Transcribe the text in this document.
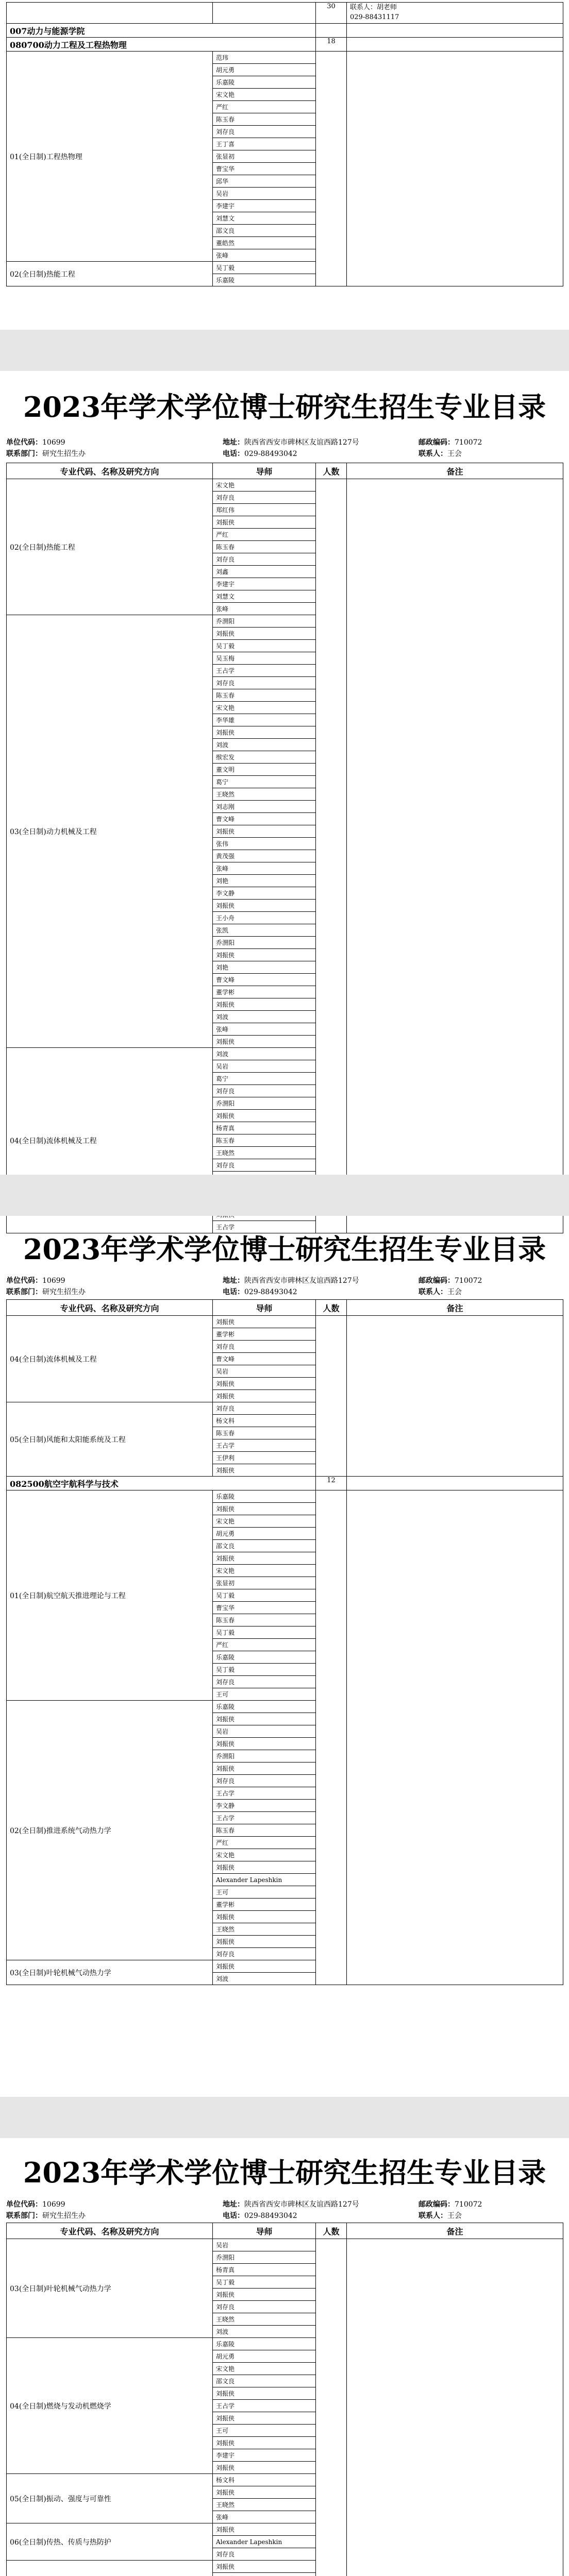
		30	联系人：胡老师
029-88431117

007动力与能源学院			
080700动力工程及工程热物理		18	
01(全日制)工程热物理	范玮		
	胡元勇		
	乐嘉陵		
	宋文艳		
	严红		
	陈玉春		
	刘存良		
	王丁喜		
	张显初		
	曹宝华		
	邱华		
	吴岩		
	李建宇		
	刘慧文		
	邵文良		
	董皓然		
	张峰		
02(全日制)热能工程	吴丁毅		
	乐嘉陵		
2023年学术学位博士研究生招生专业目录
单位代码：10699	地址：陕西省西安市碑林区友谊西路127号	邮政编码：710072
联系部门：研究生招生办	电话：029-88493042	联系人：王会
专业代码、名称及研究方向	导师	人数	备注
02(全日制)热能工程	宋文艳		
	刘存良		
	郑红伟		
	刘振侠		
	严红		
	陈玉春		
	刘存良		
	刘鑫		
	李建宇		
	刘慧文		
	张峰		
03(全日制)动力机械及工程	乔渭阳		
	刘振侠		
	吴丁毅		
	吴玉梅		
	王占学		
	刘存良		
	陈玉春		
	宋文艳		
	李华雄		
	刘振侠		
	刘波		
	缑宏发		
	董文明		
	葛宁		
	王晓然		
	刘志刚		
	曹文峰		
	刘振侠		
	张伟		
	黄茂强		
	张峰		
	刘艳		
	李文静		
	刘振侠		
	王小舟		
	张凯		
	乔渭阳		
	刘振侠		
	刘艳		
	曹文峰		
	董学彬		
	刘振侠		
	刘波		
	张峰		
	刘振侠		
04(全日制)流体机械及工程	刘波		
	吴岩		
	葛宁		
	刘存良		
	乔渭阳		
	刘振侠		
	杨青真		
	陈玉春		
	王晓然		
	刘存良		

	王占学		
2023年学术学位博士研究生招生专业目录
单位代码：10699	地址：陕西省西安市碑林区友谊西路127号	邮政编码：710072
联系部门：研究生招生办	电话：029-88493042	联系人：王会
专业代码、名称及研究方向	导师	人数	备注
04(全日制)流体机械及工程	刘振侠		
	董学彬		
	刘存良		
	曹文峰		
	吴岩		
	刘振侠		
	刘振侠		
05(全日制)风能和太阳能系统及工程	刘存良		
	杨文科		
	陈玉春		
	王占学		
	王伊利		
	刘振侠		
082500航空宇航科学与技术		12	
01(全日制)航空航天推进理论与工程	乐嘉陵		
	刘振侠		
	宋文艳		
	胡元勇		
	邵文良		
	刘振侠		
	宋文艳		
	张显初		
	吴丁毅		
	曹宝华		
	陈玉春		
	吴丁毅		
	严红		
	乐嘉陵		
	吴丁毅		
	刘存良		
	王可		
02(全日制)推进系统气动热力学	乐嘉陵		
	刘振侠		
	吴岩		
	刘振侠		
	乔渭阳		
	刘振侠		
	刘存良		
	王占学		
	李文静		
	王占学		
	陈玉春		
	严红		
	宋文艳		
	刘振侠		
	Alexander Lapeshkin		
	王可		
	董学彬		
	刘振侠		
	王晓然		
	刘振侠		
	刘存良		
03(全日制)叶轮机械气动热力学	刘振侠		
	刘波		
2023年学术学位博士研究生招生专业目录
单位代码：10699	地址：陕西省西安市碑林区友谊西路127号	邮政编码：710072
联系部门：研究生招生办	电话：029-88493042	联系人：王会
专业代码、名称及研究方向	导师	人数	备注
03(全日制)叶轮机械气动热力学	吴岩		
	乔渭阳		
	杨青真		
	吴丁毅		
	刘振侠		
	刘存良		
	王晓然		
	刘波		
04(全日制)燃烧与发动机燃烧学	乐嘉陵		
	胡元勇		
	宋文艳		
	邵文良		
	刘振侠		
	王占学		
	刘振侠		
	王可		
	刘振侠		
	李建宇		
	刘振侠		
05(全日制)振动、强度与可靠性	杨文科		
	刘振侠		
	王晓然		
	张峰		
06(全日制)传热、传质与热防护	刘振侠		
	Alexander Lapeshkin		
	刘存良		
	刘振侠		
